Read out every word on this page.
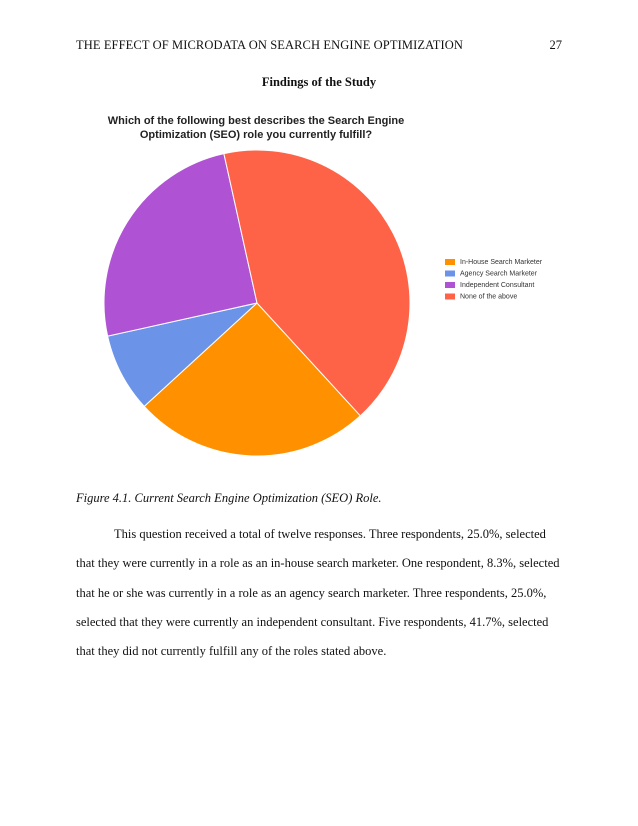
THE EFFECT OF MICRODATA ON SEARCH ENGINE OPTIMIZATION	27
Findings of the Study
Which of the following best describes the Search Engine
Optimization (SEO) role you currently fulfill?
In-House Search Marketer
Agency Search Marketer
Independent Consultant
None of the above
Figure 4.1. Current Search Engine Optimization (SEO) Role.
This question received a total of twelve responses. Three respondents, 25.0%, selected
that they were currently in a role as an in-house search marketer. One respondent, 8.3%, selected
that he or she was currently in a role as an agency search marketer. Three respondents, 25.0%,
selected that they were currently an independent consultant. Five respondents, 41.7%, selected
that they did not currently fulfill any of the roles stated above.
